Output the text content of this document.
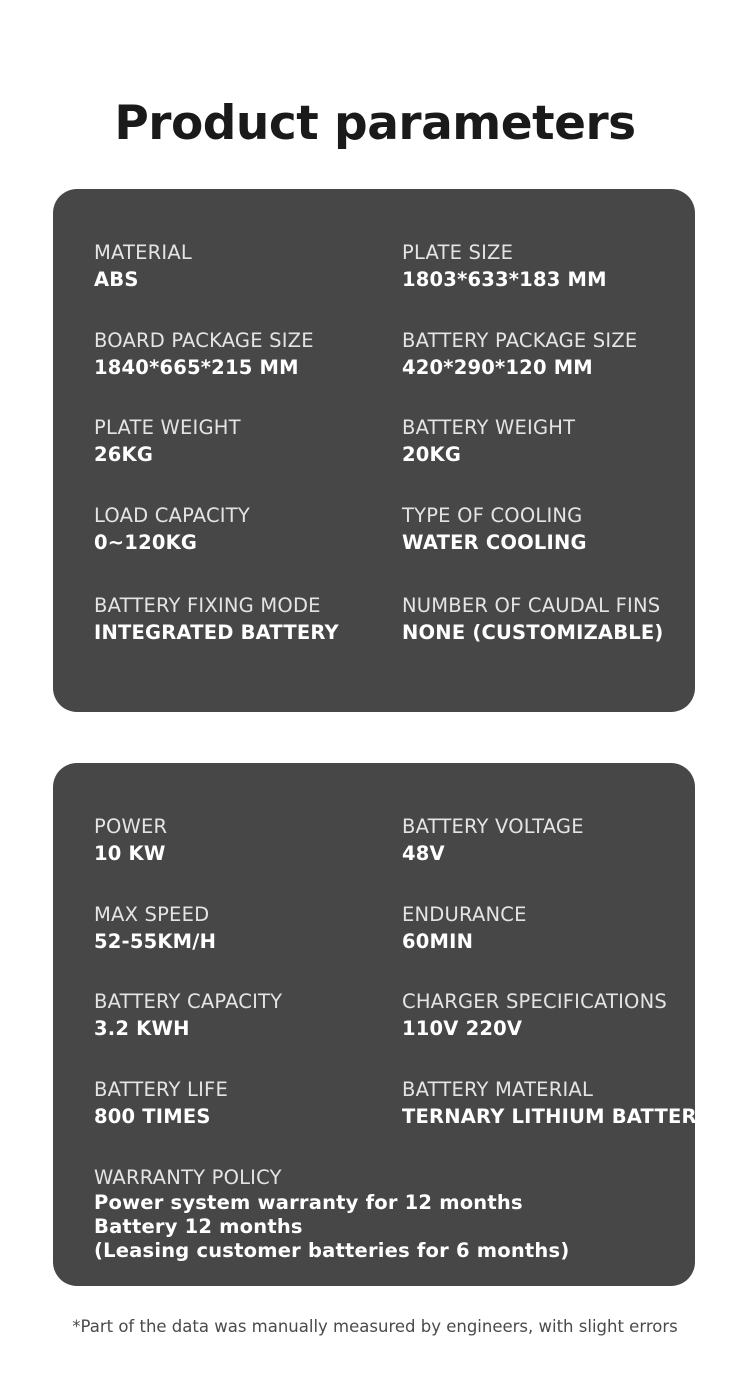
Product parameters
MATERIAL
ABS
PLATE SIZE
1803*633*183 MM
BOARD PACKAGE SIZE
1840*665*215 MM
BATTERY PACKAGE SIZE
420*290*120 MM
PLATE WEIGHT
26KG
BATTERY WEIGHT
20KG
LOAD CAPACITY
0~120KG
TYPE OF COOLING
WATER COOLING
BATTERY FIXING MODE
INTEGRATED BATTERY
NUMBER OF CAUDAL FINS
NONE (CUSTOMIZABLE)
POWER
10 KW
BATTERY VOLTAGE
48V
MAX SPEED
52-55KM/H
ENDURANCE
60MIN
BATTERY CAPACITY
3.2 KWH
CHARGER SPECIFICATIONS
110V 220V
BATTERY LIFE
800 TIMES
BATTERY MATERIAL
TERNARY LITHIUM BATTERY
WARRANTY POLICY
Power system warranty for 12 months
Battery 12 months
(Leasing customer batteries for 6 months)
*Part of the data was manually measured by engineers, with slight errors
